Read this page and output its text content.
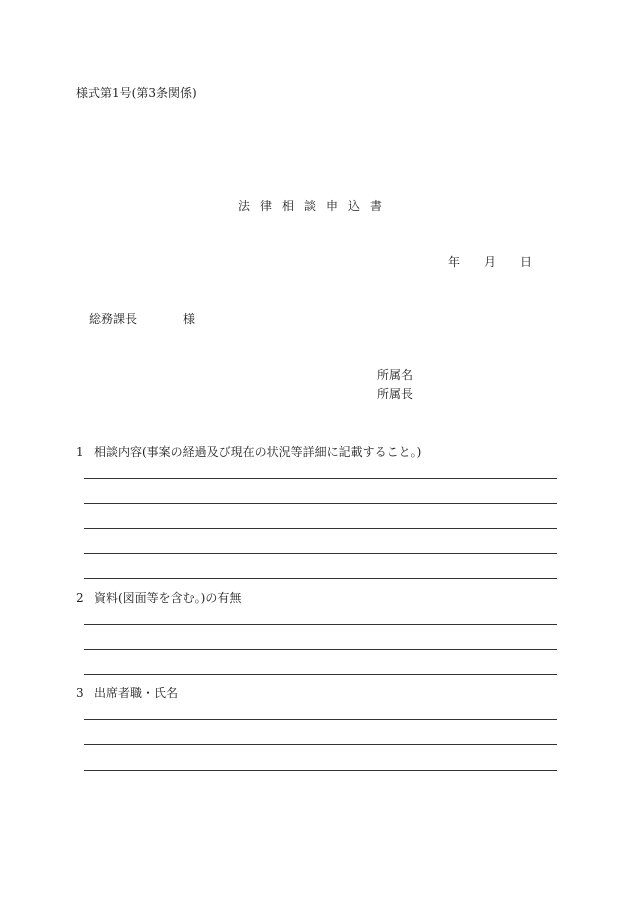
様式第1号(第3条関係)
法律相談申込書
年 月 日
総務課長	様
所属名
所属長
1 相談内容(事案の経過及び現在の状況等詳細に記載すること。)
2 資料(図面等を含む。)の有無
3 出席者職・氏名
